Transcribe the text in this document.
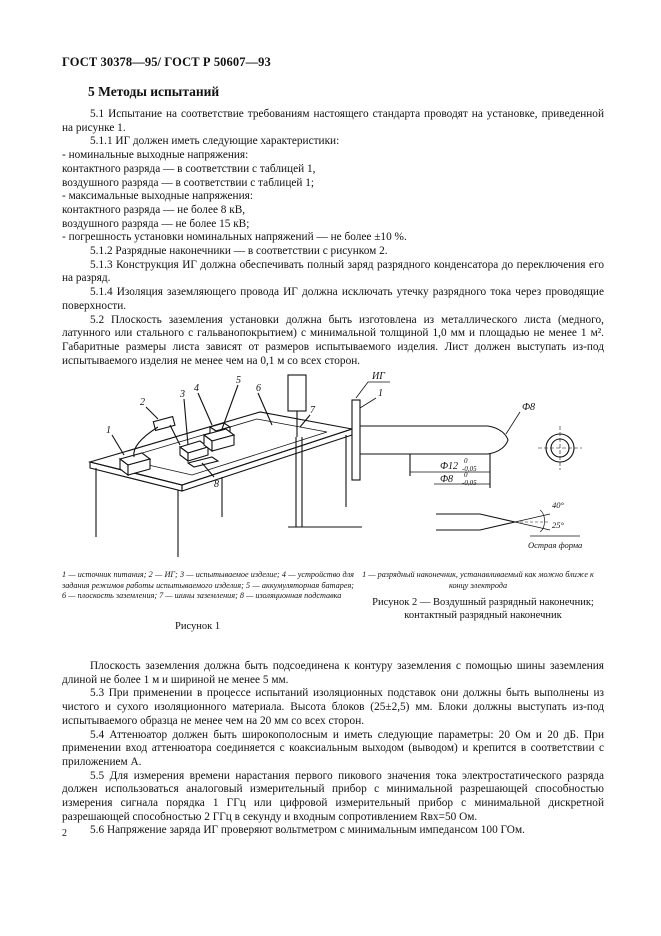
ГОСТ 30378—95/ ГОСТ Р 50607—93
5 Методы испытаний

5.1 Испытание на соответствие требованиям настоящего стандарта проводят на установке, приведенной на рисунке 1.

5.1.1 ИГ должен иметь следующие характеристики:

- номинальные выходные напряжения:

контактного разряда — в соответствии с таблицей 1,

воздушного разряда — в соответствии с таблицей 1;

- максимальные выходные напряжения:

контактного разряда — не более 8 кВ,

воздушного разряда — не более 15 кВ;

- погрешность установки номинальных напряжений — не более ±10 %.

5.1.2 Разрядные наконечники — в соответствии с рисунком 2.

5.1.3 Конструкция ИГ должна обеспечивать полный заряд разрядного конденсатора до переключения его на разряд.

5.1.4 Изоляция заземляющего провода ИГ должна исключать утечку разрядного тока через проводящие поверхности.

5.2 Плоскость заземления установки должна быть изготовлена из металлического листа (медного, латунного или стального с гальванопокрытием) с минимальной толщиной 1,0 мм и площадью не менее 1 м². Габаритные размеры листа зависят от размеров испытываемого изделия. Лист должен выступать из-под испытываемого изделия не менее чем на 0,1 м со всех сторон.

1
2
3
4
5
6
7
8
ИГ
1
Ф8
Ф12 0
-0,05
Ф8 0
-0,05
40°
25°
Острая форма
1 — источник питания; 2 — ИГ; 3 — испытываемое изделие; 4 — устройство для задания режимов работы испытываемого изделия; 5 — аккумуляторная батарея; 6 — плоскость заземления; 7 — шины заземления; 8 — изоляционная подставка
Рисунок 1
1 — разрядный наконечник, устанавливаемый как можно ближе к концу электрода
Рисунок 2 — Воздушный разрядный наконечник; контактный разрядный наконечник

Плоскость заземления должна быть подсоединена к контуру заземления с помощью шины заземления длиной не более 1 м и шириной не менее 5 мм.

5.3 При применении в процессе испытаний изоляционных подставок они должны быть выполнены из чистого и сухого изоляционного материала. Высота блоков (25±2,5) мм. Блоки должны выступать из-под испытываемого образца не менее чем на 20 мм со всех сторон.

5.4 Аттенюатор должен быть широкополосным и иметь следующие параметры: 20 Ом и 20 дБ. При применении вход аттенюатора соединяется с коаксиальным выходом (выводом) и крепится в соответствии с приложением А.

5.5 Для измерения времени нарастания первого пикового значения тока электростатического разряда должен использоваться аналоговый измерительный прибор с минимальной разрешающей способностью измерения сигнала порядка 1 ГГц или цифровой измерительный прибор с минимальной дискретной разрешающей способностью 2 ГГц в секунду и входным сопротивлением Rвх=50 Ом.

5.6 Напряжение заряда ИГ проверяют вольтметром с минимальным импедансом 100 ГОм.

2
